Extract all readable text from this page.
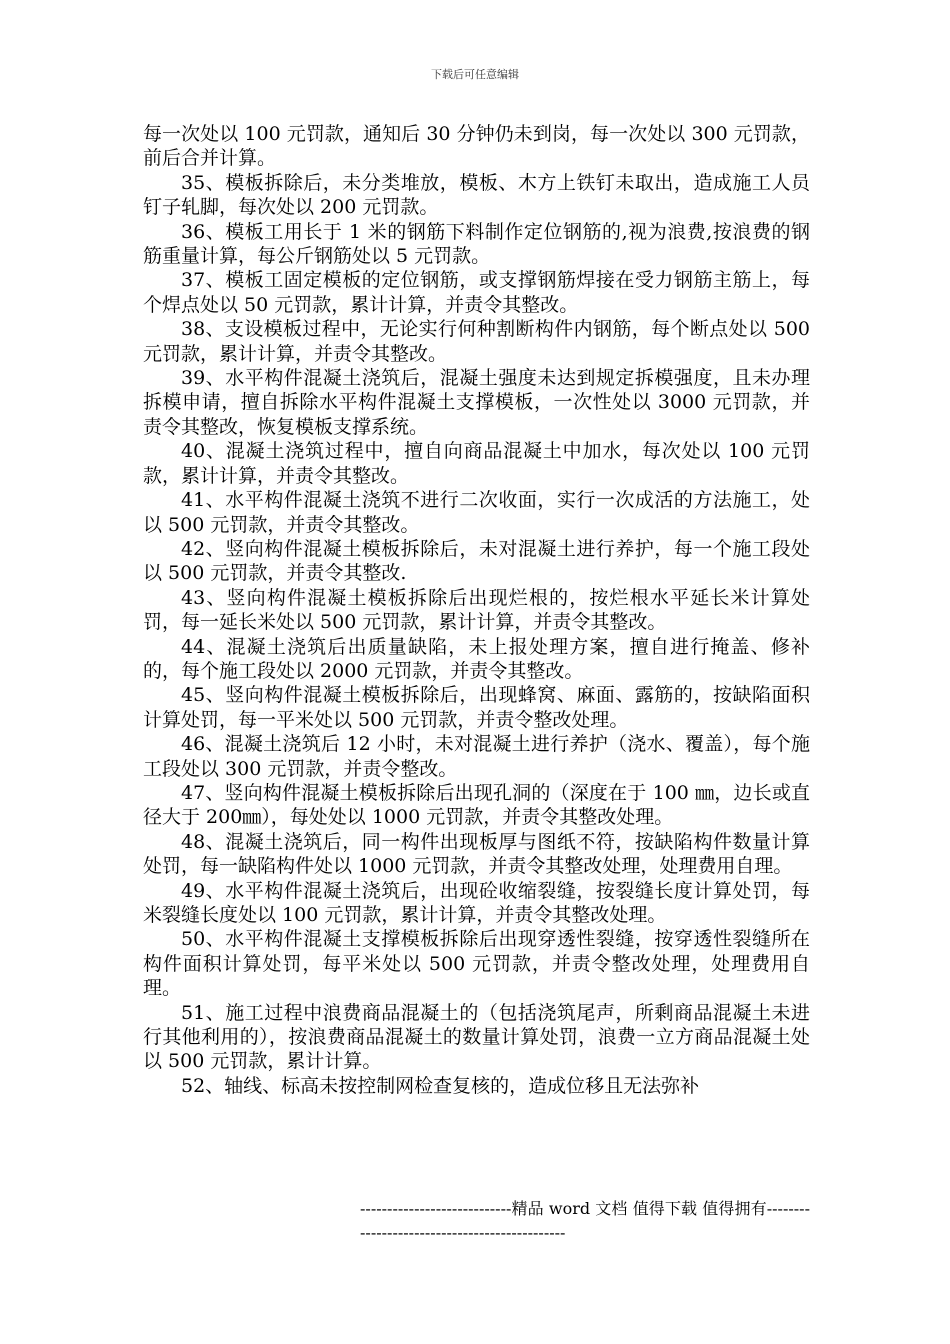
下载后可任意编辑

每一次处以 100 元罚款，通知后 30 分钟仍未到岗，每一次处以 300 元罚款，前后合并计算。

35、模板拆除后，未分类堆放，模板、木方上铁钉未取出，造成施工人员钉子轧脚，每次处以 200 元罚款。

36、模板工用长于 1 米的钢筋下料制作定位钢筋的,视为浪费,按浪费的钢筋重量计算，每公斤钢筋处以 5 元罚款。

37、模板工固定模板的定位钢筋，或支撑钢筋焊接在受力钢筋主筋上，每个焊点处以 50 元罚款，累计计算，并责令其整改。

38、支设模板过程中，无论实行何种割断构件内钢筋，每个断点处以 500 元罚款，累计计算，并责令其整改。

39、水平构件混凝土浇筑后，混凝土强度未达到规定拆模强度，且未办理拆模申请，擅自拆除水平构件混凝土支撑模板，一次性处以 3000 元罚款，并责令其整改，恢复模板支撑系统。

40、混凝土浇筑过程中，擅自向商品混凝土中加水，每次处以 100 元罚款，累计计算，并责令其整改。

41、水平构件混凝土浇筑不进行二次收面，实行一次成活的方法施工，处以 500 元罚款，并责令其整改。

42、竖向构件混凝土模板拆除后，未对混凝土进行养护，每一个施工段处以 500 元罚款，并责令其整改.

43、竖向构件混凝土模板拆除后出现烂根的，按烂根水平延长米计算处罚，每一延长米处以 500 元罚款，累计计算，并责令其整改。

44、混凝土浇筑后出质量缺陷，未上报处理方案，擅自进行掩盖、修补的，每个施工段处以 2000 元罚款，并责令其整改。

45、竖向构件混凝土模板拆除后，出现蜂窝、麻面、露筋的，按缺陷面积计算处罚，每一平米处以 500 元罚款，并责令整改处理。

46、混凝土浇筑后 12 小时，未对混凝土进行养护（浇水、覆盖），每个施工段处以 300 元罚款，并责令整改。

47、竖向构件混凝土模板拆除后出现孔洞的（深度在于 100 ㎜，边长或直径大于 200㎜），每处处以 1000 元罚款，并责令其整改处理。

48、混凝土浇筑后，同一构件出现板厚与图纸不符，按缺陷构件数量计算处罚，每一缺陷构件处以 1000 元罚款，并责令其整改处理，处理费用自理。

49、水平构件混凝土浇筑后，出现砼收缩裂缝，按裂缝长度计算处罚，每米裂缝长度处以 100 元罚款，累计计算，并责令其整改处理。

50、水平构件混凝土支撑模板拆除后出现穿透性裂缝，按穿透性裂缝所在构件面积计算处罚，每平米处以 500 元罚款，并责令整改处理，处理费用自理。

51、施工过程中浪费商品混凝土的（包括浇筑尾声，所剩商品混凝土未进行其他利用的），按浪费商品混凝土的数量计算处罚，浪费一立方商品混凝土处以 500 元罚款，累计计算。

52、轴线、标高未按控制网检查复核的，造成位移且无法弥补

----------------------------精品 word 文档 值得下载 值得拥有----------------------------------------------
